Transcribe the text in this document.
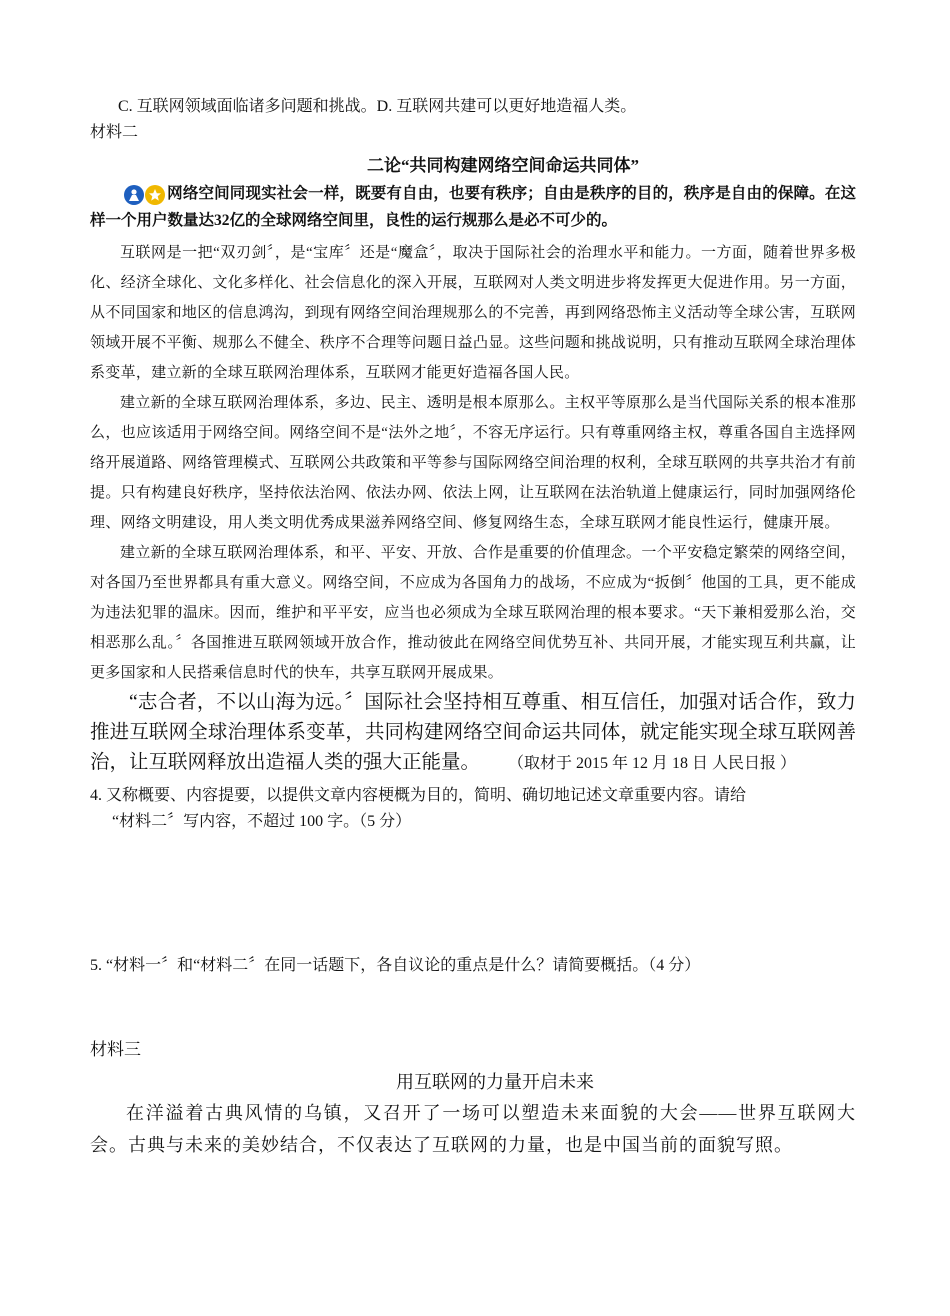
C. 互联网领域面临诸多问题和挑战。D. 互联网共建可以更好地造福人类。

材料二

二论“共同构建网络空间命运共同体”

网络空间同现实社会一样，既要有自由，也要有秩序；自由是秩序的目的，秩序是自由的保障。在这样一个用户数量达32亿的全球网络空间里，良性的运行规那么是必不可少的。

互联网是一把“双刃剑〞，是“宝库〞还是“魔盒〞，取决于国际社会的治理水平和能力。一方面，随着世界多极化、经济全球化、文化多样化、社会信息化的深入开展，互联网对人类文明进步将发挥更大促进作用。另一方面，从不同国家和地区的信息鸿沟，到现有网络空间治理规那么的不完善，再到网络恐怖主义活动等全球公害，互联网领域开展不平衡、规那么不健全、秩序不合理等问题日益凸显。这些问题和挑战说明，只有推动互联网全球治理体系变革，建立新的全球互联网治理体系，互联网才能更好造福各国人民。

建立新的全球互联网治理体系，多边、民主、透明是根本原那么。主权平等原那么是当代国际关系的根本准那么，也应该适用于网络空间。网络空间不是“法外之地〞，不容无序运行。只有尊重网络主权，尊重各国自主选择网络开展道路、网络管理模式、互联网公共政策和平等参与国际网络空间治理的权利，全球互联网的共享共治才有前提。只有构建良好秩序，坚持依法治网、依法办网、依法上网，让互联网在法治轨道上健康运行，同时加强网络伦理、网络文明建设，用人类文明优秀成果滋养网络空间、修复网络生态，全球互联网才能良性运行，健康开展。

建立新的全球互联网治理体系，和平、平安、开放、合作是重要的价值理念。一个平安稳定繁荣的网络空间，对各国乃至世界都具有重大意义。网络空间，不应成为各国角力的战场，不应成为“扳倒〞他国的工具，更不能成为违法犯罪的温床。因而，维护和平平安，应当也必须成为全球互联网治理的根本要求。“天下兼相爱那么治，交相恶那么乱。〞各国推进互联网领域开放合作，推动彼此在网络空间优势互补、共同开展，才能实现互利共赢，让更多国家和人民搭乘信息时代的快车，共享互联网开展成果。

“志合者，不以山海为远。〞国际社会坚持相互尊重、相互信任，加强对话合作，致力推进互联网全球治理体系变革，共同构建网络空间命运共同体，就定能实现全球互联网善治，让互联网释放出造福人类的强大正能量。 （取材于 2015 年 12 月 18 日 人民日报 ）

4. 又称概要、内容提要，以提供文章内容梗概为目的，简明、确切地记述文章重要内容。请给

“材料二〞写内容，不超过 100 字。（5 分）

5. “材料一〞和“材料二〞在同一话题下，各自议论的重点是什么？请简要概括。（4 分）

材料三

用互联网的力量开启未来

在洋溢着古典风情的乌镇，又召开了一场可以塑造未来面貌的大会——世界互联网大会。古典与未来的美妙结合，不仅表达了互联网的力量，也是中国当前的面貌写照。
